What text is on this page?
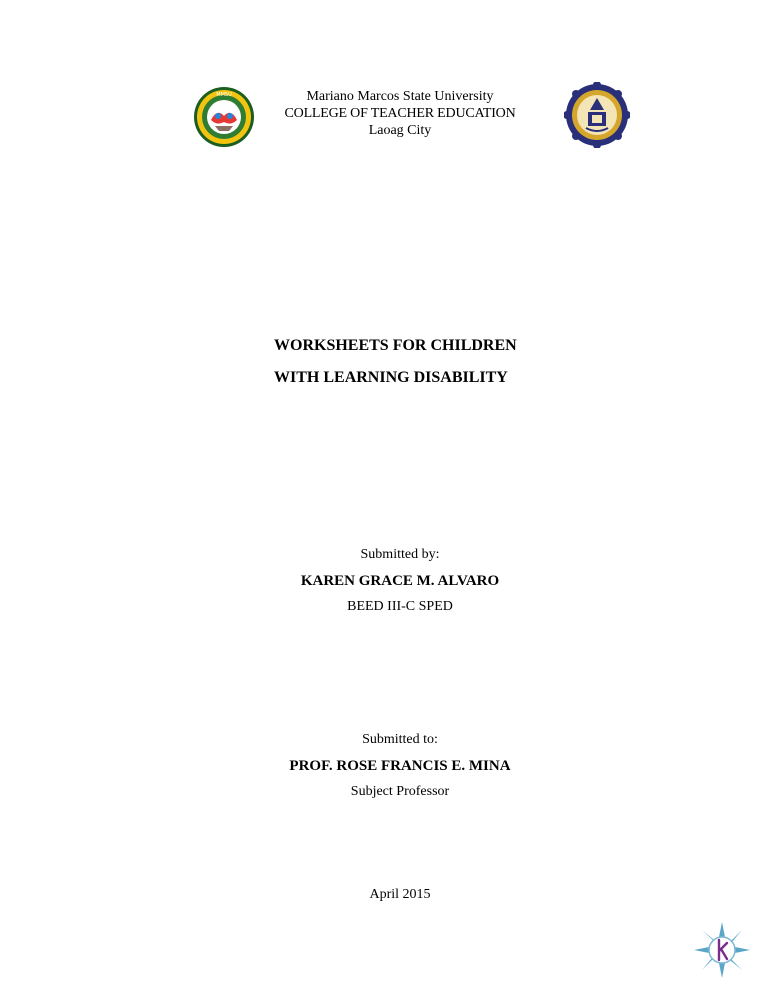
MMSU	Mariano Marcos State University
COLLEGE OF TEACHER EDUCATION
Laoag City
WORKSHEETS FOR CHILDREN
WITH LEARNING DISABILITY
Submitted by:
KAREN GRACE M. ALVARO
BEED III-C SPED
Submitted to:
PROF. ROSE FRANCIS E. MINA
Subject Professor
April 2015
